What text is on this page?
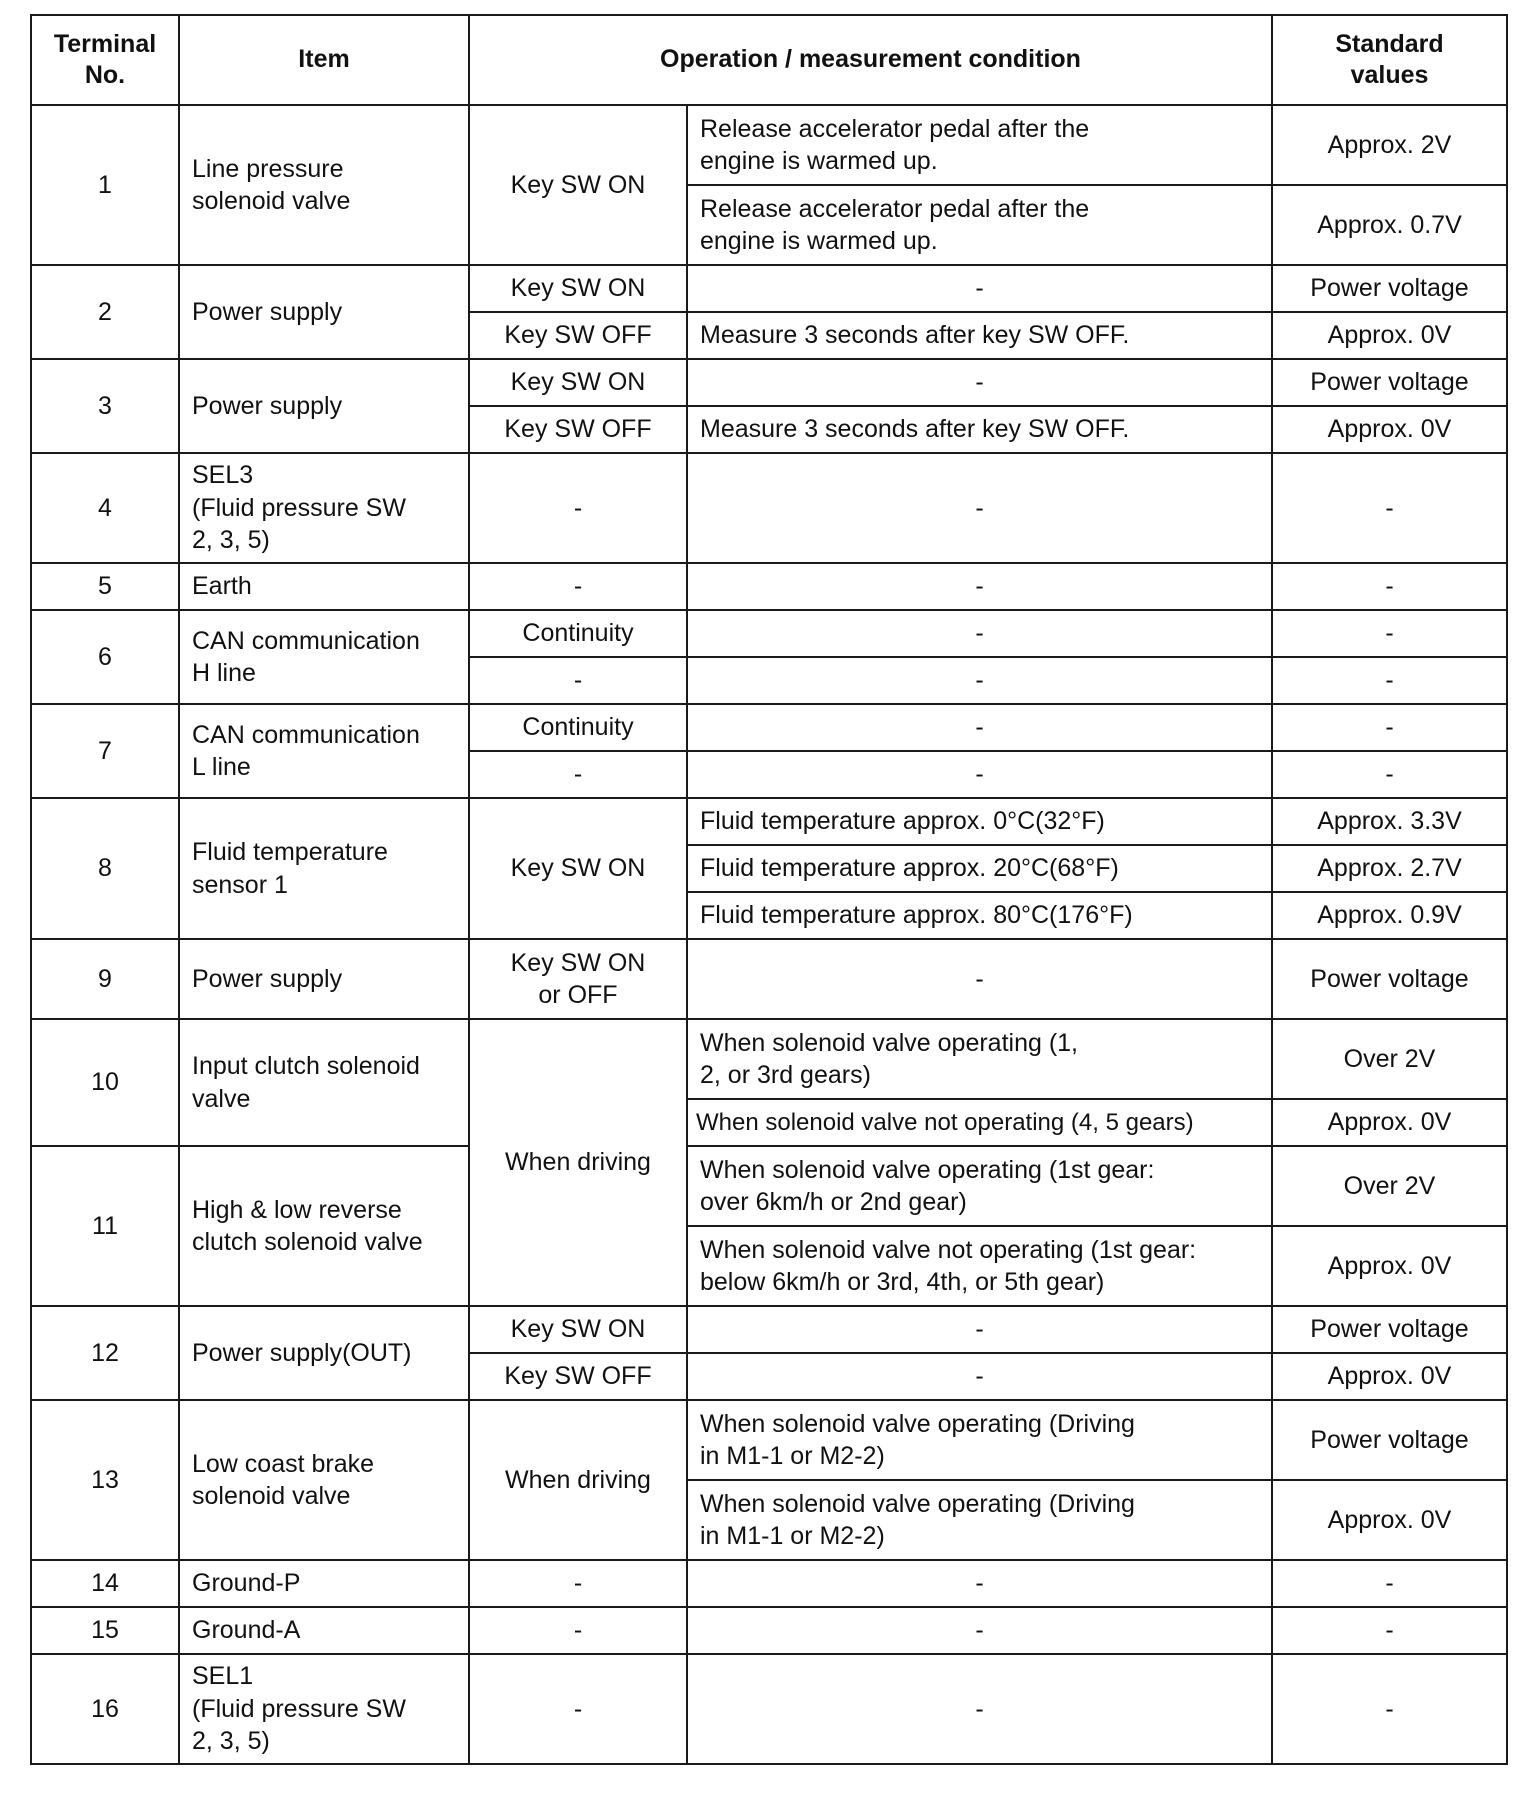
Terminal
No.	Item	Operation / measurement condition		Standard
values
1	Line pressure
solenoid valve	Key SW ON	Release accelerator pedal after the
engine is warmed up.	Approx. 2V
			Release accelerator pedal after the
engine is warmed up.	Approx. 0.7V
2	Power supply	Key SW ON	-	Power voltage
		Key SW OFF	Measure 3 seconds after key SW OFF.	Approx. 0V
3	Power supply	Key SW ON	-	Power voltage
		Key SW OFF	Measure 3 seconds after key SW OFF.	Approx. 0V
4	SEL3
(Fluid pressure SW
2, 3, 5)	-	-	-
5	Earth	-	-	-
6	CAN communication
H line	Continuity	-	-
		-	-	-
7	CAN communication
L line	Continuity	-	-
		-	-	-
8	Fluid temperature
sensor 1	Key SW ON	Fluid temperature approx. 0°C(32°F)	Approx. 3.3V
			Fluid temperature approx. 20°C(68°F)	Approx. 2.7V
			Fluid temperature approx. 80°C(176°F)	Approx. 0.9V
9	Power supply	Key SW ON
or OFF	-	Power voltage
10	Input clutch solenoid
valve	When driving	When solenoid valve operating (1,
2, or 3rd gears)	Over 2V
			When solenoid valve not operating (4, 5 gears)	Approx. 0V
11	High & low reverse
clutch solenoid valve		When solenoid valve operating (1st gear:
over 6km/h or 2nd gear)	Over 2V
			When solenoid valve not operating (1st gear:
below 6km/h or 3rd, 4th, or 5th gear)	Approx. 0V
12	Power supply(OUT)	Key SW ON	-	Power voltage
		Key SW OFF	-	Approx. 0V
13	Low coast brake
solenoid valve	When driving	When solenoid valve operating (Driving
in M1-1 or M2-2)	Power voltage
			When solenoid valve operating (Driving
in M1-1 or M2-2)	Approx. 0V
14	Ground-P	-	-	-
15	Ground-A	-	-	-
16	SEL1
(Fluid pressure SW
2, 3, 5)	-	-	-
